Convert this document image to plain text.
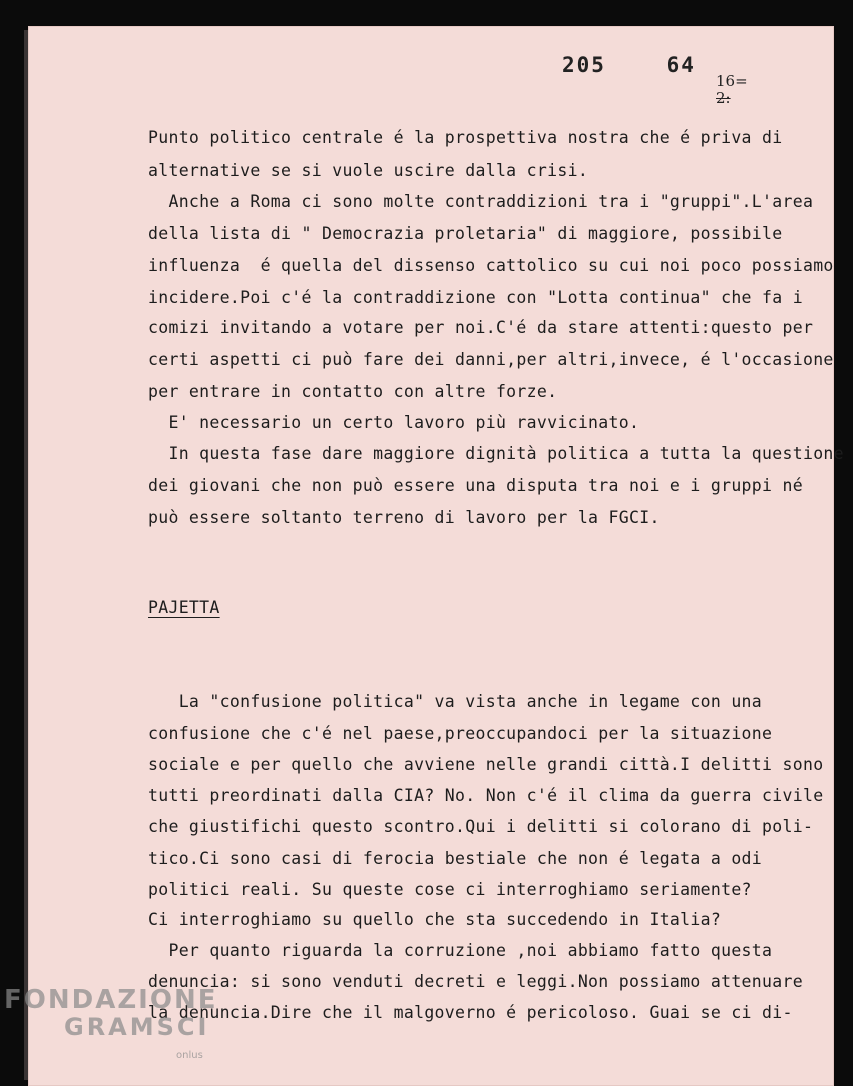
205	64
16=
2:
Punto politico centrale é la prospettiva nostra che é priva di
alternative se si vuole uscire dalla crisi.
Anche a Roma ci sono molte contraddizioni tra i "gruppi".L'area
della lista di " Democrazia proletaria" di maggiore, possibile
influenza  é quella del dissenso cattolico su cui noi poco possiamo
incidere.Poi c'é la contraddizione con "Lotta continua" che fa i
comizi invitando a votare per noi.C'é da stare attenti:questo per
certi aspetti ci può fare dei danni,per altri,invece, é l'occasione
per entrare in contatto con altre forze.
E' necessario un certo lavoro più ravvicinato.
In questa fase dare maggiore dignità politica a tutta la questione
dei giovani che non può essere una disputa tra noi e i gruppi né
può essere soltanto terreno di lavoro per la FGCI.
PAJETTA
La "confusione politica" va vista anche in legame con una
confusione che c'é nel paese,preoccupandoci per la situazione
sociale e per quello che avviene nelle grandi città.I delitti sono
tutti preordinati dalla CIA? No. Non c'é il clima da guerra civile
che giustifichi questo scontro.Qui i delitti si colorano di poli-
tico.Ci sono casi di ferocia bestiale che non é legata a odi
politici reali. Su queste cose ci interroghiamo seriamente?
Ci interroghiamo su quello che sta succedendo in Italia?
Per quanto riguarda la corruzione ,noi abbiamo fatto questa
denuncia: si sono venduti decreti e leggi.Non possiamo attenuare
la denuncia.Dire che il malgoverno é pericoloso. Guai se ci di-
FONDAZIONE
GRAMSCI
onlus
